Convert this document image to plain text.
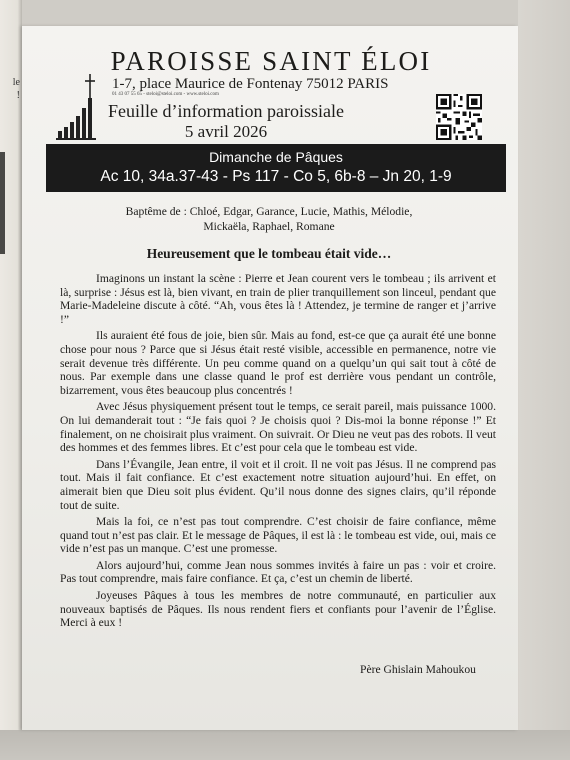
le
!
PAROISSE SAINT ÉLOI
1-7, place Maurice de Fontenay 75012 PARIS
01 43 07 55 65 - steloi@steloi.com - www.steloi.com
Feuille d’information paroissiale
5 avril 2026
Dimanche de Pâques
Ac 10, 34a.37-43 - Ps 117 - Co 5, 6b-8 – Jn 20, 1-9
Baptême de : Chloé, Edgar, Garance, Lucie, Mathis, Mélodie, Mickaëla, Raphael, Romane
Heureusement que le tombeau était vide…

Imaginons un instant la scène : Pierre et Jean courent vers le tombeau ; ils arrivent et là, surprise : Jésus est là, bien vivant, en train de plier tranquillement son linceul, pendant que Marie-Madeleine discute à côté. “Ah, vous êtes là ! Attendez, je termine de ranger et j’arrive !”

Ils auraient été fous de joie, bien sûr. Mais au fond, est-ce que ça aurait été une bonne chose pour nous ? Parce que si Jésus était resté visible, accessible en permanence, notre vie serait devenue très différente. Un peu comme quand on a quelqu’un qui sait tout à côté de nous. Par exemple dans une classe quand le prof est derrière vous pendant un contrôle, bizarrement, vous êtes beaucoup plus concentrés !

Avec Jésus physiquement présent tout le temps, ce serait pareil, mais puissance 1000. On lui demanderait tout : “Je fais quoi ? Je choisis quoi ? Dis-moi la bonne réponse !” Et finalement, on ne choisirait plus vraiment. On suivrait. Or Dieu ne veut pas des robots. Il veut des hommes et des femmes libres. Et c’est pour cela que le tombeau est vide.

Dans l’Évangile, Jean entre, il voit et il croit. Il ne voit pas Jésus. Il ne comprend pas tout. Mais il fait confiance. Et c’est exactement notre situation aujourd’hui. En effet, on aimerait bien que Dieu soit plus évident. Qu’il nous donne des signes clairs, qu’il réponde tout de suite.

Mais la foi, ce n’est pas tout comprendre. C’est choisir de faire confiance, même quand tout n’est pas clair. Et le message de Pâques, il est là : le tombeau est vide, oui, mais ce vide n’est pas un manque. C’est une promesse.

Alors aujourd’hui, comme Jean nous sommes invités à faire un pas : voir et croire. Pas tout comprendre, mais faire confiance. Et ça, c’est un chemin de liberté.

Joyeuses Pâques à tous les membres de notre communauté, en particulier aux nouveaux baptisés de Pâques. Ils nous rendent fiers et confiants pour l’avenir de l’Église. Merci à eux !

Père Ghislain Mahoukou
